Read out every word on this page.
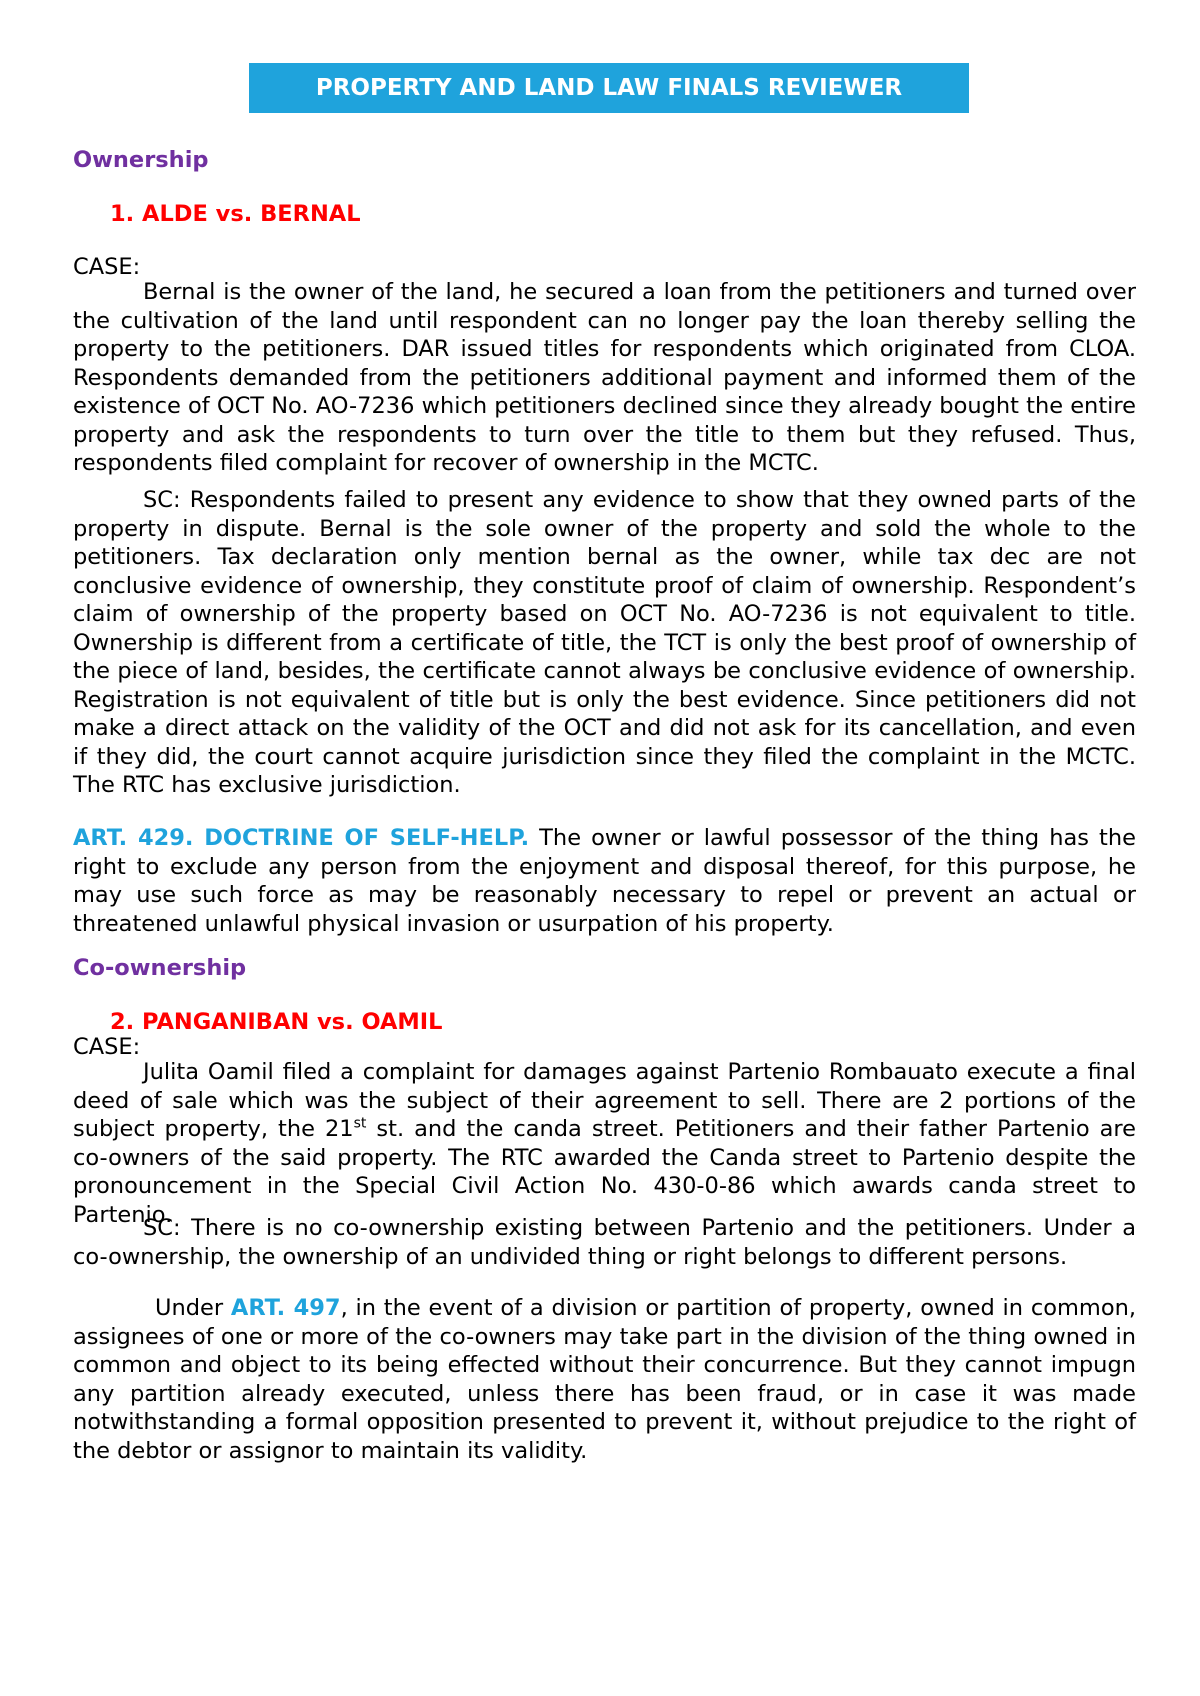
PROPERTY AND LAND LAW FINALS REVIEWER
Ownership
1. ALDE vs. BERNAL
CASE:

Bernal is the owner of the land, he secured a loan from the petitioners and turned over the cultivation of the land until respondent can no longer pay the loan thereby selling the property to the petitioners. DAR issued titles for respondents which originated from CLOA. Respondents demanded from the petitioners additional payment and informed them of the existence of OCT No. AO-7236 which petitioners declined since they already bought the entire property and ask the respondents to turn over the title to them but they refused. Thus, respondents filed complaint for recover of ownership in the MCTC.

SC: Respondents failed to present any evidence to show that they owned parts of the property in dispute. Bernal is the sole owner of the property and sold the whole to the petitioners. Tax declaration only mention bernal as the owner, while tax dec are not conclusive evidence of ownership, they constitute proof of claim of ownership. Respondent’s claim of ownership of the property based on OCT No. AO-7236 is not equivalent to title. Ownership is different from a certificate of title, the TCT is only the best proof of ownership of the piece of land, besides, the certificate cannot always be conclusive evidence of ownership. Registration is not equivalent of title but is only the best evidence. Since petitioners did not make a direct attack on the validity of the OCT and did not ask for its cancellation, and even if they did, the court cannot acquire jurisdiction since they filed the complaint in the MCTC. The RTC has exclusive jurisdiction.

ART. 429. DOCTRINE OF SELF-HELP. The owner or lawful possessor of the thing has the right to exclude any person from the enjoyment and disposal thereof, for this purpose, he may use such force as may be reasonably necessary to repel or prevent an actual or threatened unlawful physical invasion or usurpation of his property.

Co-ownership
2. PANGANIBAN vs. OAMIL
CASE:

Julita Oamil filed a complaint for damages against Partenio Rombauato execute a final deed of sale which was the subject of their agreement to sell. There are 2 portions of the subject property, the 21st st. and the canda street. Petitioners and their father Partenio are co-owners of the said property. The RTC awarded the Canda street to Partenio despite the pronouncement in the Special Civil Action No. 430-0-86 which awards canda street to Partenio.

SC: There is no co-ownership existing between Partenio and the petitioners. Under a co-ownership, the ownership of an undivided thing or right belongs to different persons.

Under ART. 497, in the event of a division or partition of property, owned in common, assignees of one or more of the co-owners may take part in the division of the thing owned in common and object to its being effected without their concurrence. But they cannot impugn any partition already executed, unless there has been fraud, or in case it was made notwithstanding a formal opposition presented to prevent it, without prejudice to the right of the debtor or assignor to maintain its validity.
